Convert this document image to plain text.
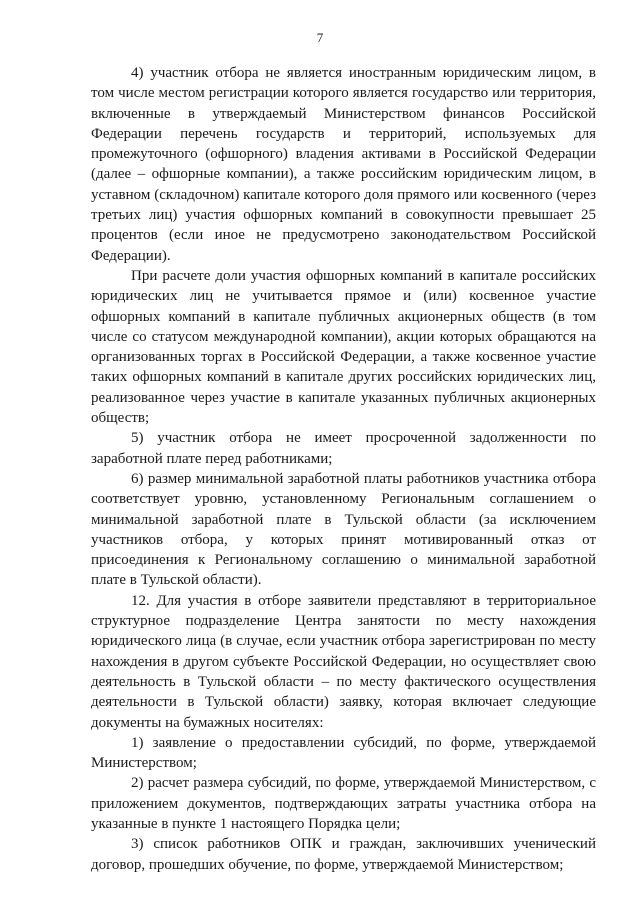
7

4) участник отбора не является иностранным юридическим лицом, в том числе местом регистрации которого является государство или территория, включенные в утверждаемый Министерством финансов Российской Федерации перечень государств и территорий, используемых для промежуточного (офшорного) владения активами в Российской Федерации (далее – офшорные компании), а также российским юридическим лицом, в уставном (складочном) капитале которого доля прямого или косвенного (через третьих лиц) участия офшорных компаний в совокупности превышает 25 процентов (если иное не предусмотрено законодательством Российской Федерации).

При расчете доли участия офшорных компаний в капитале российских юридических лиц не учитывается прямое и (или) косвенное участие офшорных компаний в капитале публичных акционерных обществ (в том числе со статусом международной компании), акции которых обращаются на организованных торгах в Российской Федерации, а также косвенное участие таких офшорных компаний в капитале других российских юридических лиц, реализованное через участие в капитале указанных публичных акционерных обществ;

5) участник отбора не имеет просроченной задолженности по заработной плате перед работниками;

6) размер минимальной заработной платы работников участника отбора соответствует уровню, установленному Региональным соглашением о минимальной заработной плате в Тульской области (за исключением участников отбора, у которых принят мотивированный отказ от присоединения к Региональному соглашению о минимальной заработной плате в Тульской области).

12. Для участия в отборе заявители представляют в территориальное структурное подразделение Центра занятости по месту нахождения юридического лица (в случае, если участник отбора зарегистрирован по месту нахождения в другом субъекте Российской Федерации, но осуществляет свою деятельность в Тульской области – по месту фактического осуществления деятельности в Тульской области) заявку, которая включает следующие документы на бумажных носителях:

1) заявление о предоставлении субсидий, по форме, утверждаемой Министерством;

2) расчет размера субсидий, по форме, утверждаемой Министерством, с приложением документов, подтверждающих затраты участника отбора на указанные в пункте 1 настоящего Порядка цели;

3) список работников ОПК и граждан, заключивших ученический договор, прошедших обучение, по форме, утверждаемой Министерством;
